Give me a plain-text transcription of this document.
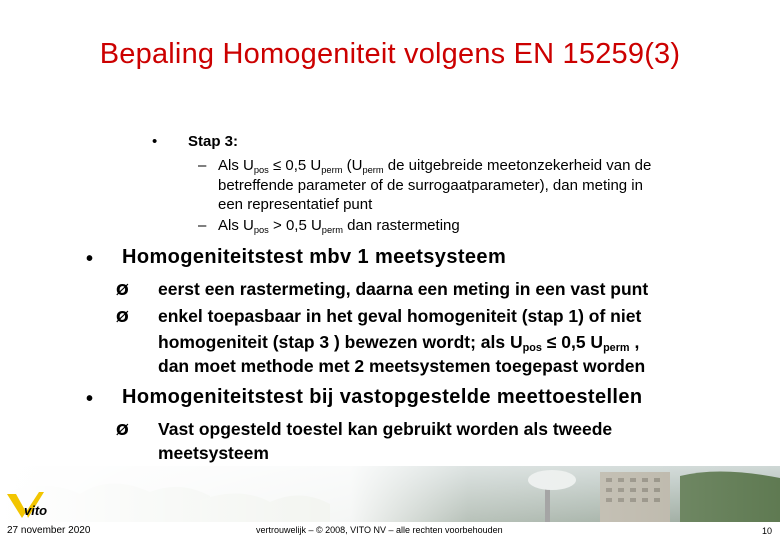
Bepaling Homogeniteit volgens EN 15259(3)
• Stap 3:
– Als $U_{pos} \le 0,5$ $U_{perm}$ ($U_{perm}$ de uitgebreide meetonzekerheid van de
betreffende parameter of de surrogaatparameter), dan meting in
een representatief punt
– Als $U_{pos} > 0,5$ $U_{perm}$ dan rastermeting
• Homogeniteitstest mbv 1 meetsysteem
Ø eerst een rastermeting, daarna een meting in een vast punt
Ø enkel toepasbaar in het geval homogeniteit (stap 1) of niet
homogeniteit (stap 3 ) bewezen wordt; als $U_{pos} \le 0,5$ $U_{perm}$ ,
dan moet methode met 2 meetsystemen toegepast worden
• Homogeniteitstest bij vastopgestelde meettoestellen
Ø Vast opgesteld toestel kan gebruikt worden als tweede
meetsysteem
vito
27 november 2020	vertrouwelijk – © 2008, VITO NV – alle rechten voorbehouden	10
